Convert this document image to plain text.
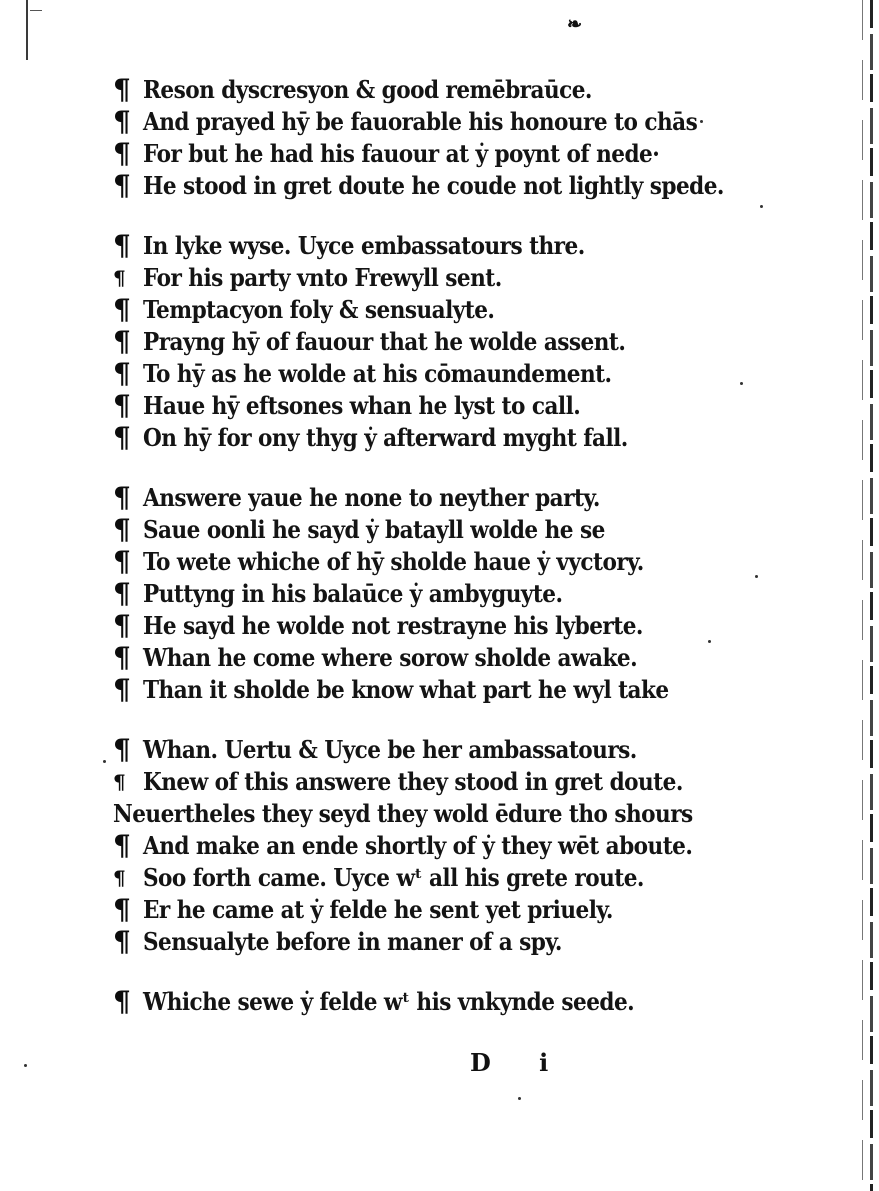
❧
¶ Reson dyscresyon & good remēbraūce.
¶ And prayed hȳ be fauorable his honoure to chās
¶ For but he had his fauour at ẏ poynt of nede·
¶ He stood in gret doute he coude not lightly spede.
¶ In lyke wyse. Uyce embassatours thre.
¶ For his party vnto Frewyll sent.
¶ Temptacyon foly & sensualyte.
¶ Prayng hȳ of fauour that he wolde assent.
¶ To hȳ as he wolde at his cōmaundement.
¶ Haue hȳ eftsones whan he lyst to call.
¶ On hȳ for ony thyg ẏ afterward myght fall.
¶ Answere yaue he none to neyther party.
¶ Saue oonli he sayd ẏ batayll wolde he se
¶ To wete whiche of hȳ sholde haue ẏ vyctory.
¶ Puttyng in his balaūce ẏ ambyguyte.
¶ He sayd he wolde not restrayne his lyberte.
¶ Whan he come where sorow sholde awake.
¶ Than it sholde be know what part he wyl take
¶ Whan. Uertu & Uyce be her ambassatours.
¶ Knew of this answere they stood in gret doute.
Neuertheles they seyd they wold ēdure tho shours
¶ And make an ende shortly of ẏ they wēt aboute.
¶ Soo forth came. Uyce wᵗ all his grete route.
¶ Er he came at ẏ felde he sent yet priuely.
¶ Sensualyte before in maner of a spy.
¶ Whiche sewe ẏ felde wᵗ his vnkynde seede.
D i
